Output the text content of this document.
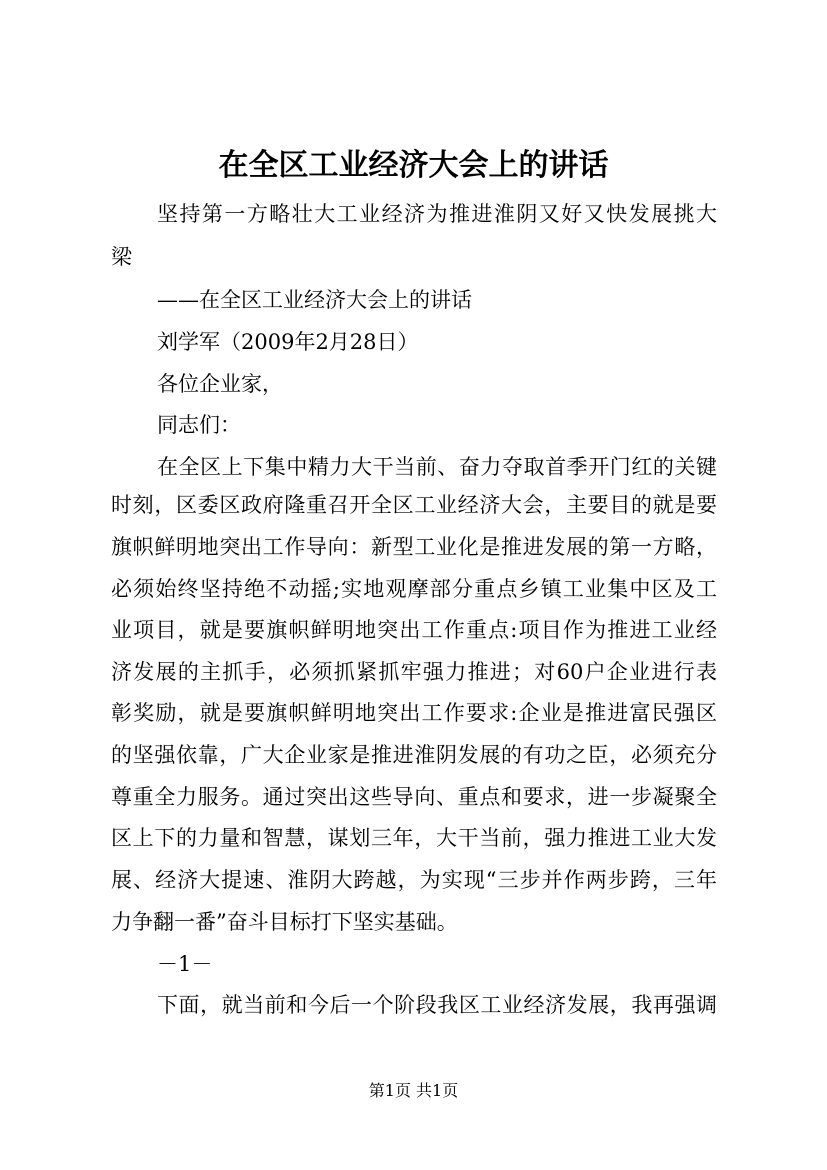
在全区工业经济大会上的讲话
坚持第一方略壮大工业经济为推进淮阴又好又快发展挑大
梁
——在全区工业经济大会上的讲话
刘学军（2009年2月28日）
各位企业家，
同志们：
在全区上下集中精力大干当前、奋力夺取首季开门红的关键
时刻，区委区政府隆重召开全区工业经济大会，主要目的就是要
旗帜鲜明地突出工作导向：新型工业化是推进发展的第一方略，
必须始终坚持绝不动摇;实地观摩部分重点乡镇工业集中区及工
业项目，就是要旗帜鲜明地突出工作重点:项目作为推进工业经
济发展的主抓手，必须抓紧抓牢强力推进；对60户企业进行表
彰奖励，就是要旗帜鲜明地突出工作要求:企业是推进富民强区
的坚强依靠，广大企业家是推进淮阴发展的有功之臣，必须充分
尊重全力服务。通过突出这些导向、重点和要求，进一步凝聚全
区上下的力量和智慧，谋划三年，大干当前，强力推进工业大发
展、经济大提速、淮阴大跨越，为实现“三步并作两步跨，三年
力争翻一番”奋斗目标打下坚实基础。
－1－
下面，就当前和今后一个阶段我区工业经济发展，我再强调
第1页 共1页
